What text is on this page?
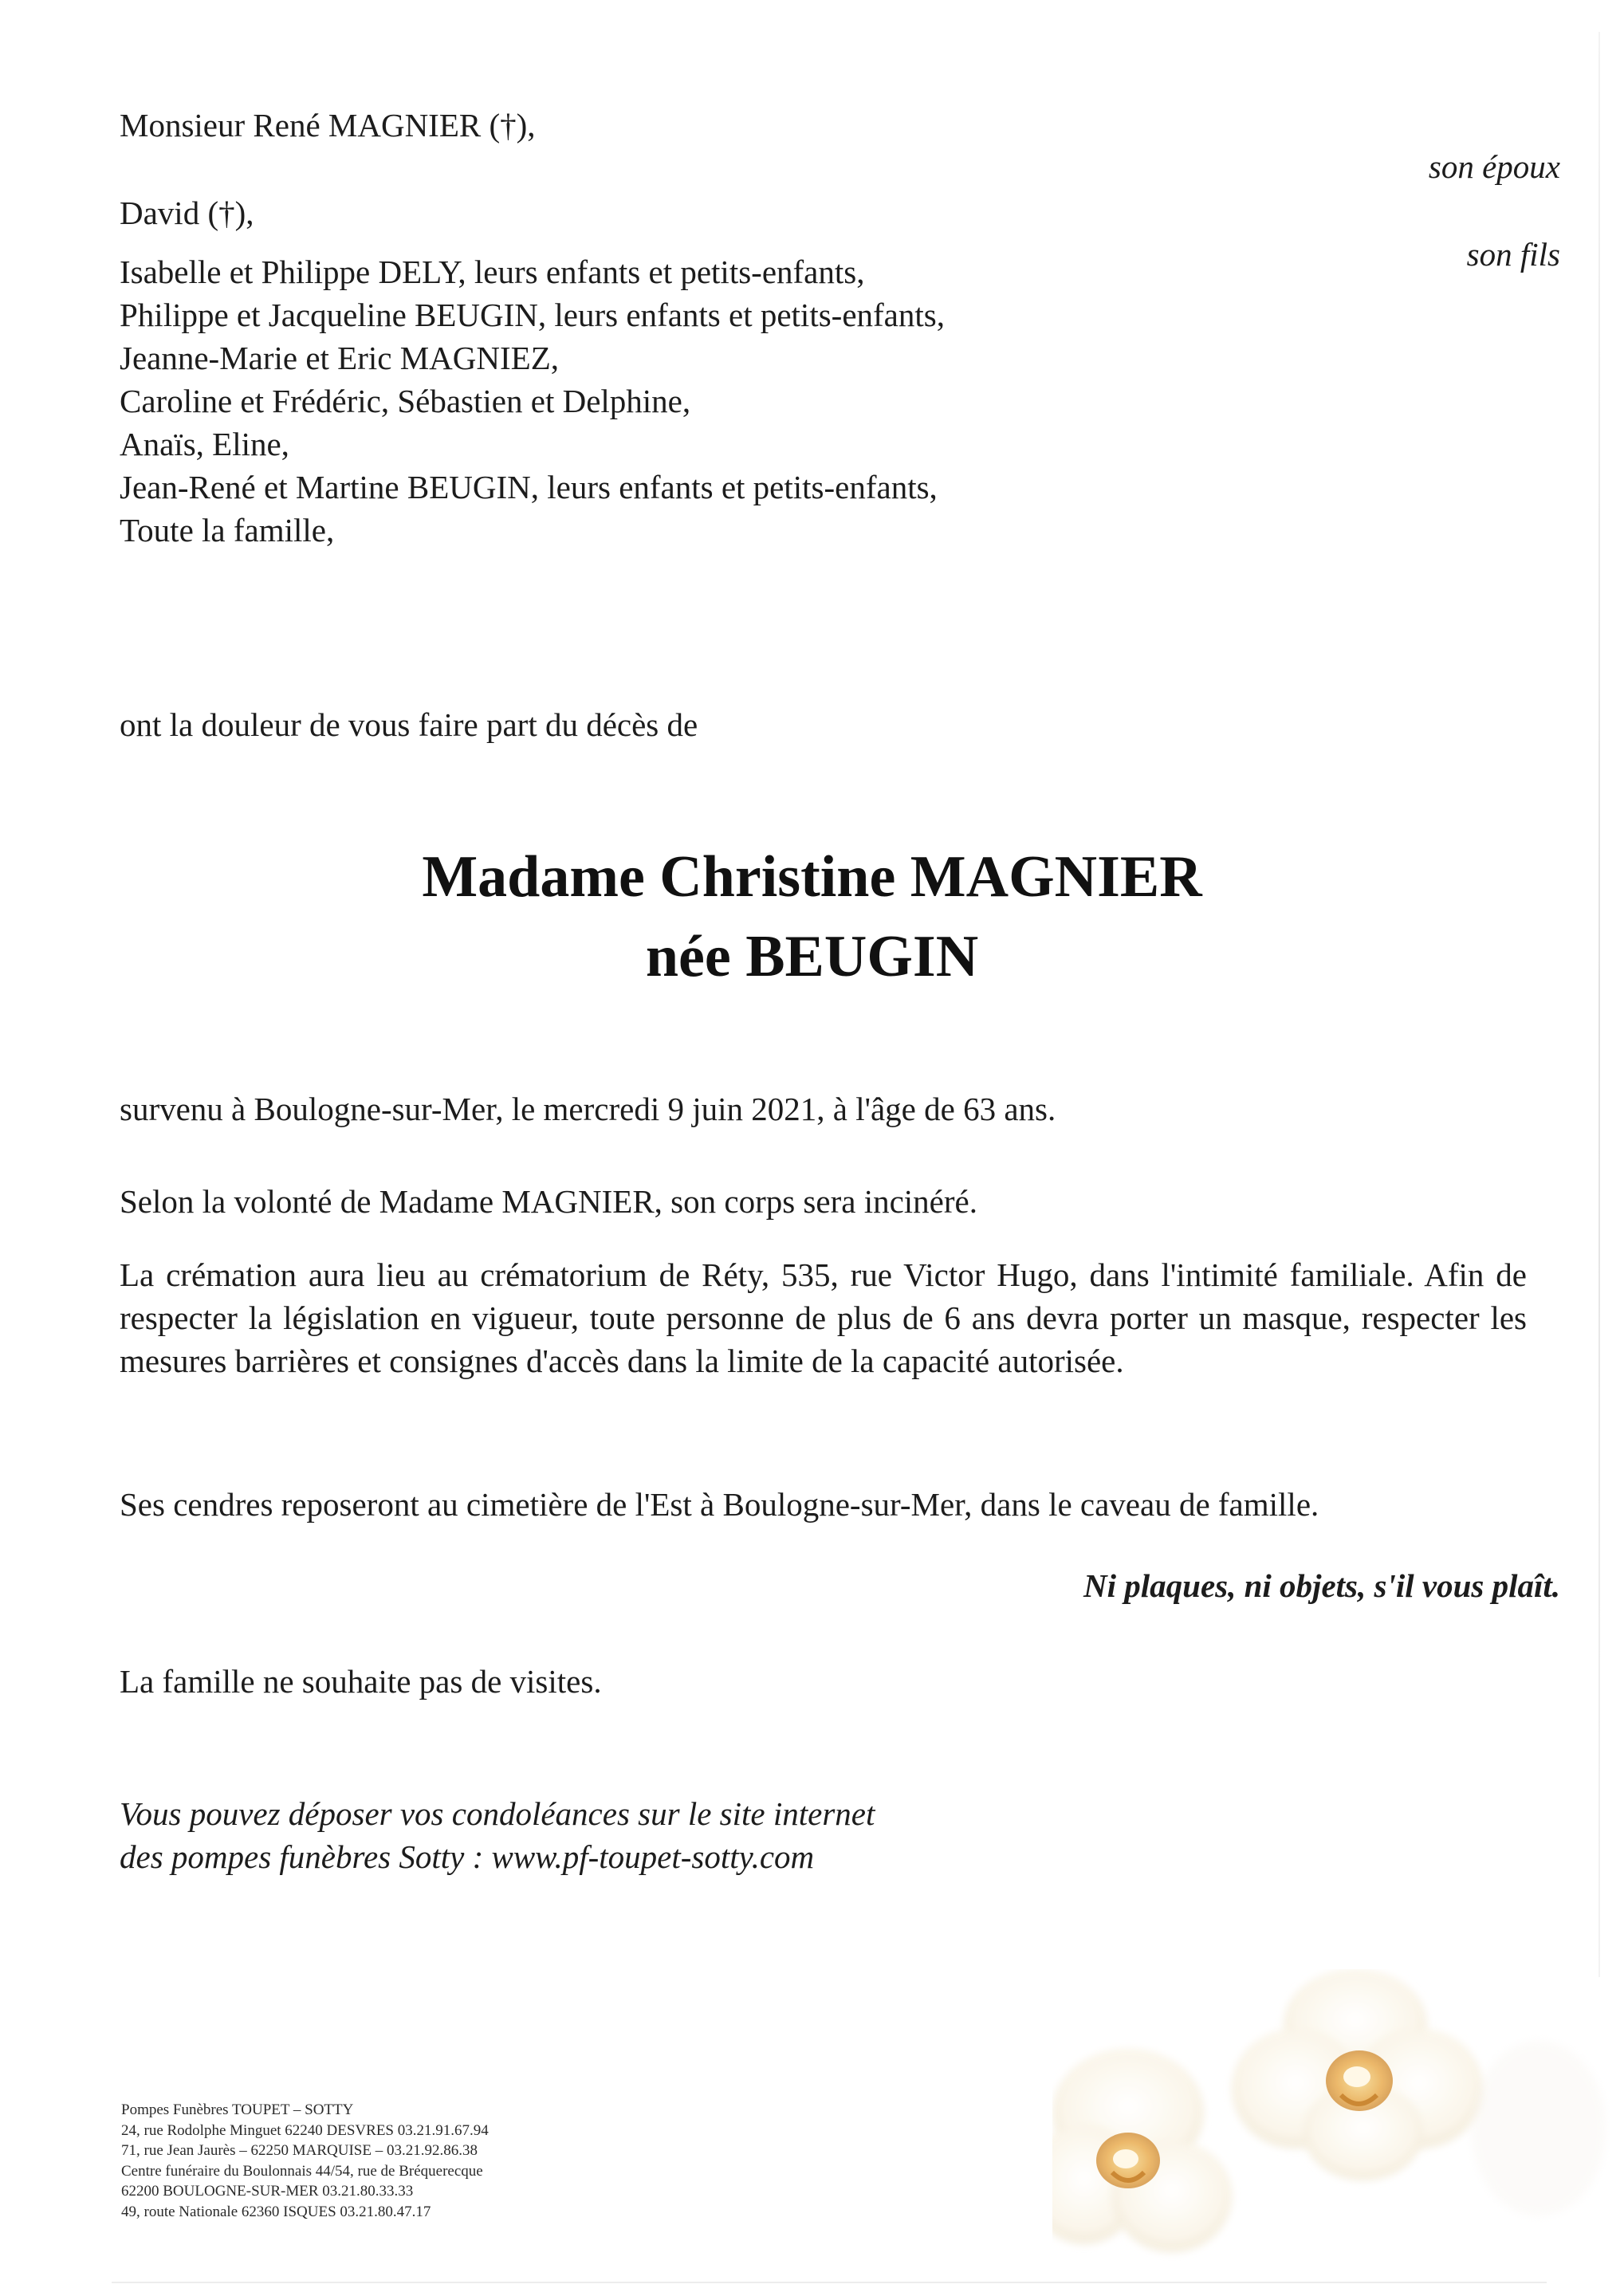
Monsieur René MAGNIER (†),
David (†),
son époux
son fils
Isabelle et Philippe DELY, leurs enfants et petits-enfants,
Philippe et Jacqueline BEUGIN, leurs enfants et petits-enfants,
Jeanne-Marie et Eric MAGNIEZ,
Caroline et Frédéric, Sébastien et Delphine,
Anaïs, Eline,
Jean-René et Martine BEUGIN, leurs enfants et petits-enfants,
Toute la famille,
ont la douleur de vous faire part du décès de
Madame Christine MAGNIER
née BEUGIN
survenu à Boulogne-sur-Mer, le mercredi 9 juin 2021, à l'âge de 63 ans.
Selon la volonté de Madame MAGNIER, son corps sera incinéré.
La crémation aura lieu au crématorium de Réty, 535, rue Victor Hugo, dans l'intimité familiale. Afin de respecter la législation en vigueur, toute personne de plus de 6 ans devra porter un masque, respecter les mesures barrières et consignes d'accès dans la limite de la capacité autorisée.
Ses cendres reposeront au cimetière de l'Est à Boulogne-sur-Mer, dans le caveau de famille.
Ni plaques, ni objets, s'il vous plaît.
La famille ne souhaite pas de visites.
Vous pouvez déposer vos condoléances sur le site internet
des pompes funèbres Sotty : www.pf-toupet-sotty.com
Pompes Funèbres TOUPET – SOTTY
24, rue Rodolphe Minguet 62240 DESVRES 03.21.91.67.94
71, rue Jean Jaurès – 62250 MARQUISE – 03.21.92.86.38
Centre funéraire du Boulonnais 44/54, rue de Bréquerecque
62200 BOULOGNE-SUR-MER 03.21.80.33.33
49, route Nationale 62360 ISQUES 03.21.80.47.17
